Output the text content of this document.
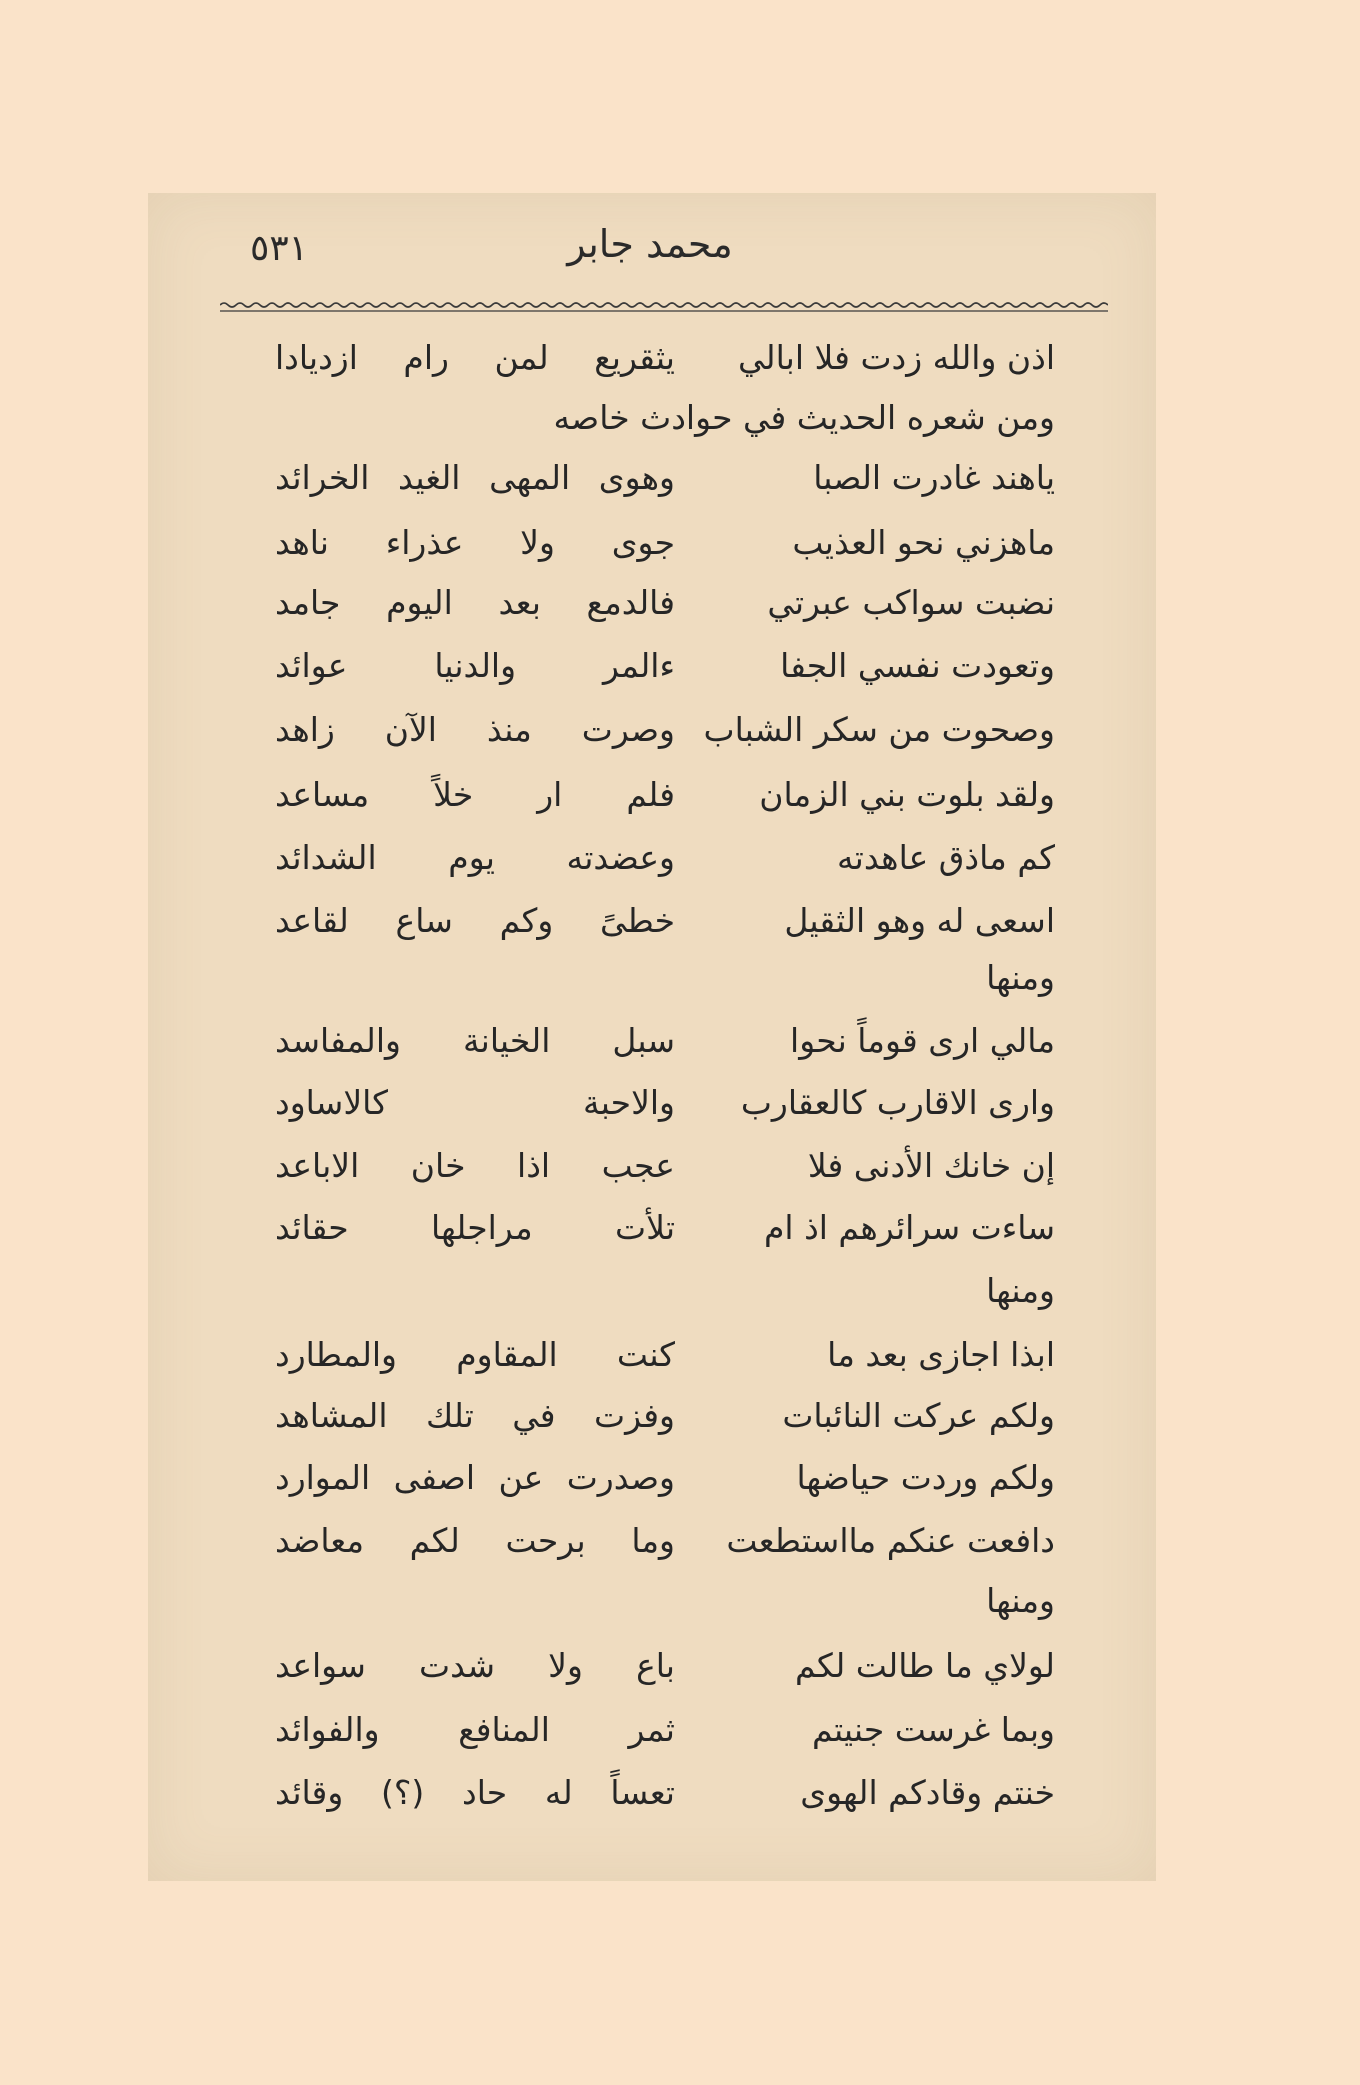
٥٣١	محمد جابر
اذن والله زدت فلا ابالي
يثقريع لمن رام ازديادا
ومن شعره الحديث في حوادث خاصه
ياهند غادرت الصبا
وهوى المهى الغيد الخرائد
ماهزني نحو العذيب
جوى ولا عذراء ناهد
نضبت سواكب عبرتي
فالدمع بعد اليوم جامد
وتعودت نفسي الجفا
ءالمر والدنيا عوائد
وصحوت من سكر الشباب
وصرت منذ الآن زاهد
ولقد بلوت بني الزمان
فلم ار خلاً مساعد
كم ماذق عاهدته
وعضدته يوم الشدائد
اسعى له وهو الثقيل
خطىً وكم ساع لقاعد
ومنها
مالي ارى قوماً نحوا
سبل الخيانة والمفاسد
واری الاقارب كالعقارب
والاحبة كالاساود
إن خانك الأدنى فلا
عجب اذا خان الاباعد
ساءت سرائرهم اذ ام
تلأت مراجلها حقائد
ومنها
ابذا اجازى بعد ما
كنت المقاوم والمطارد
ولكم عركت النائبات
وفزت في تلك المشاهد
ولكم وردت حياضها
وصدرت عن اصفى الموارد
دافعت عنكم مااستطعت
وما برحت لكم معاضد
ومنها
لولاي ما طالت لكم
باع ولا شدت سواعد
وبما غرست جنيتم
ثمر المنافع والفوائد
خنتم وقادكم الهوى
تعساً له حاد (؟) وقائد
